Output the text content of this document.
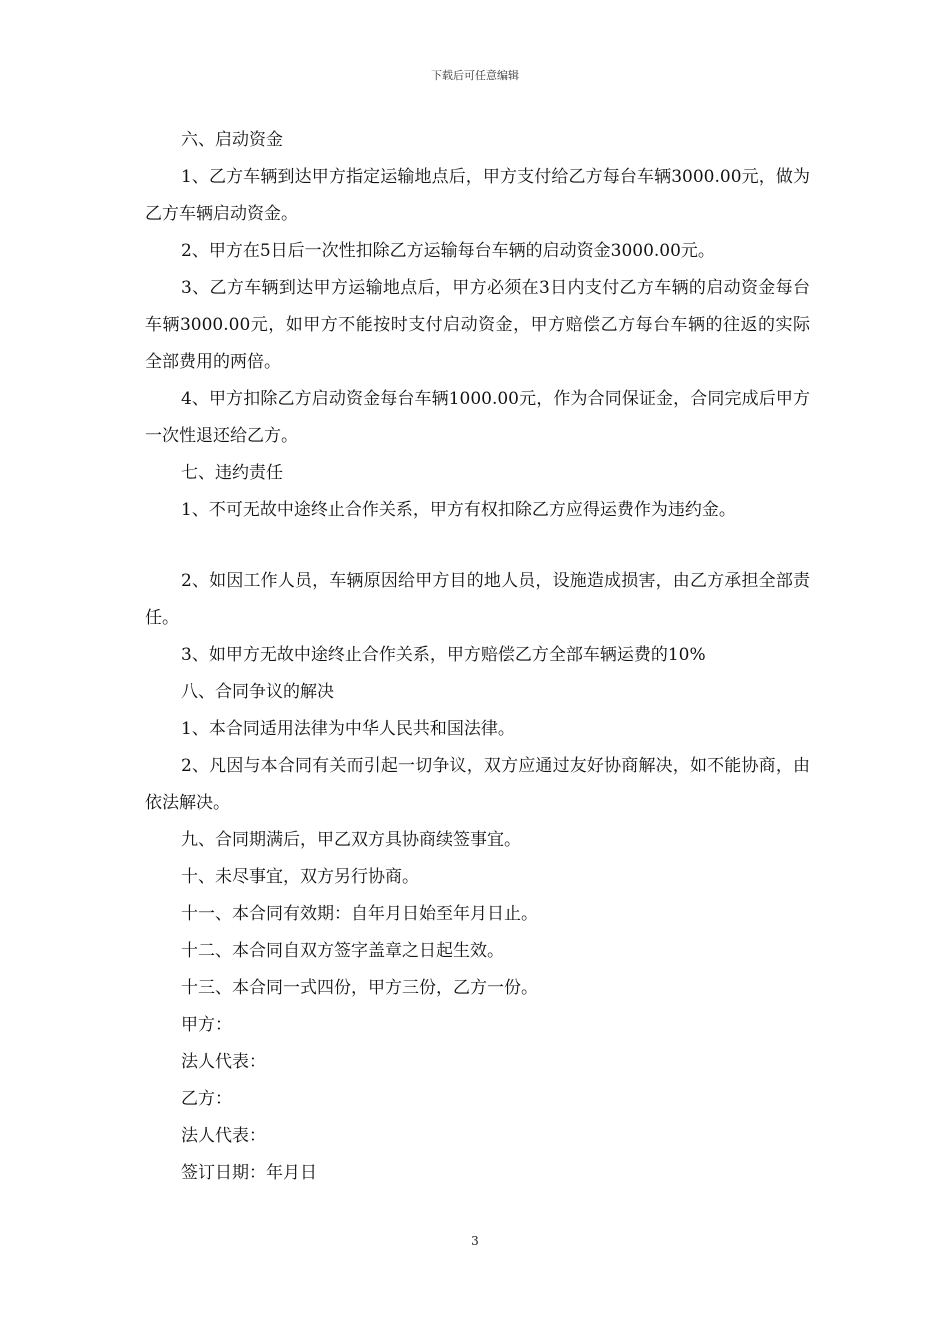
下载后可任意编辑

六、启动资金

1、乙方车辆到达甲方指定运输地点后，甲方支付给乙方每台车辆3000.00元，做为乙方车辆启动资金。

2、甲方在5日后一次性扣除乙方运输每台车辆的启动资金3000.00元。

3、乙方车辆到达甲方运输地点后，甲方必须在3日内支付乙方车辆的启动资金每台车辆3000.00元，如甲方不能按时支付启动资金，甲方赔偿乙方每台车辆的往返的实际全部费用的两倍。

4、甲方扣除乙方启动资金每台车辆1000.00元，作为合同保证金，合同完成后甲方一次性退还给乙方。

七、违约责任

1、不可无故中途终止合作关系，甲方有权扣除乙方应得运费作为违约金。

2、如因工作人员，车辆原因给甲方目的地人员，设施造成损害，由乙方承担全部责任。

3、如甲方无故中途终止合作关系，甲方赔偿乙方全部车辆运费的10%

八、合同争议的解决

1、本合同适用法律为中华人民共和国法律。

2、凡因与本合同有关而引起一切争议，双方应通过友好协商解决，如不能协商，由依法解决。

九、合同期满后，甲乙双方具协商续签事宜。

十、未尽事宜，双方另行协商。

十一、本合同有效期：自年月日始至年月日止。

十二、本合同自双方签字盖章之日起生效。

十三、本合同一式四份，甲方三份，乙方一份。

甲方：

法人代表：

乙方：

法人代表：

签订日期：年月日

3
